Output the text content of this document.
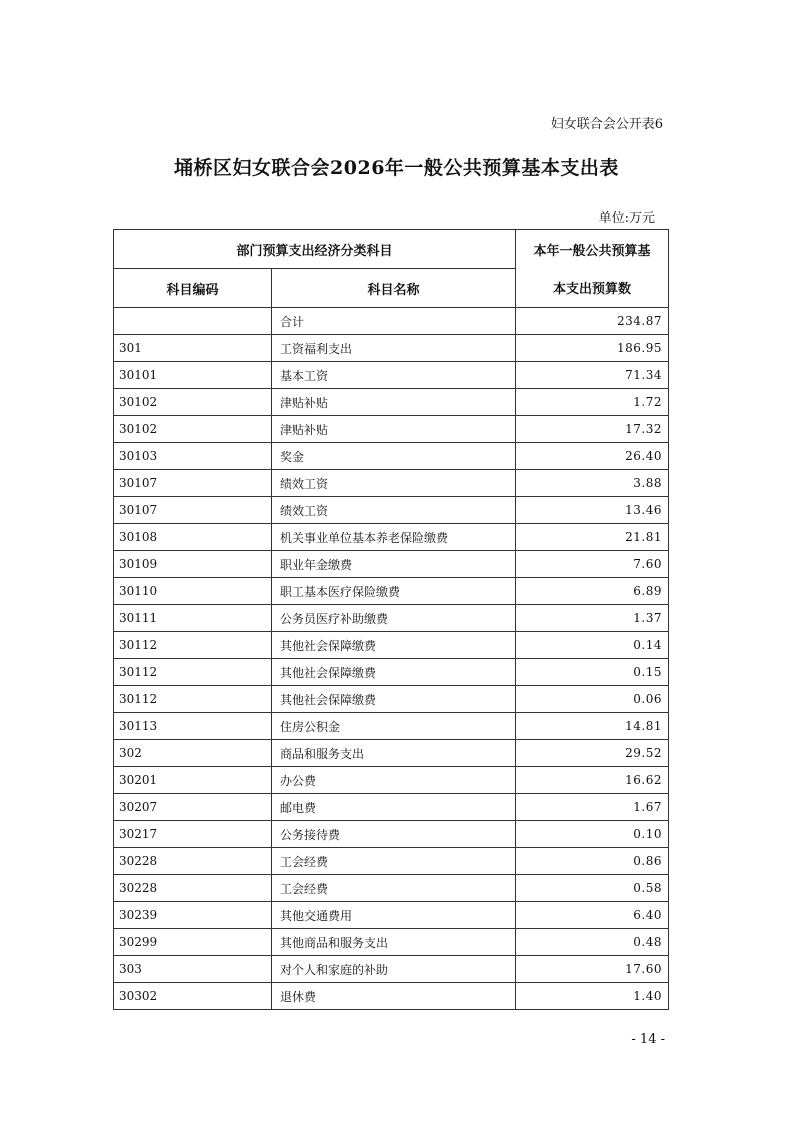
妇女联合会公开表6
埇桥区妇女联合会2026年一般公共预算基本支出表
单位:万元
部门预算支出经济分类科目		本年一般公共预算基
科目编码	科目名称	本支出预算数
	合计	234.87
301	工资福利支出	186.95
30101	基本工资	71.34
30102	津贴补贴	1.72
30102	津贴补贴	17.32
30103	奖金	26.40
30107	绩效工资	3.88
30107	绩效工资	13.46
30108	机关事业单位基本养老保险缴费	21.81
30109	职业年金缴费	7.60
30110	职工基本医疗保险缴费	6.89
30111	公务员医疗补助缴费	1.37
30112	其他社会保障缴费	0.14
30112	其他社会保障缴费	0.15
30112	其他社会保障缴费	0.06
30113	住房公积金	14.81
302	商品和服务支出	29.52
30201	办公费	16.62
30207	邮电费	1.67
30217	公务接待费	0.10
30228	工会经费	0.86
30228	工会经费	0.58
30239	其他交通费用	6.40
30299	其他商品和服务支出	0.48
303	对个人和家庭的补助	17.60
30302	退休费	1.40
- 14 -
